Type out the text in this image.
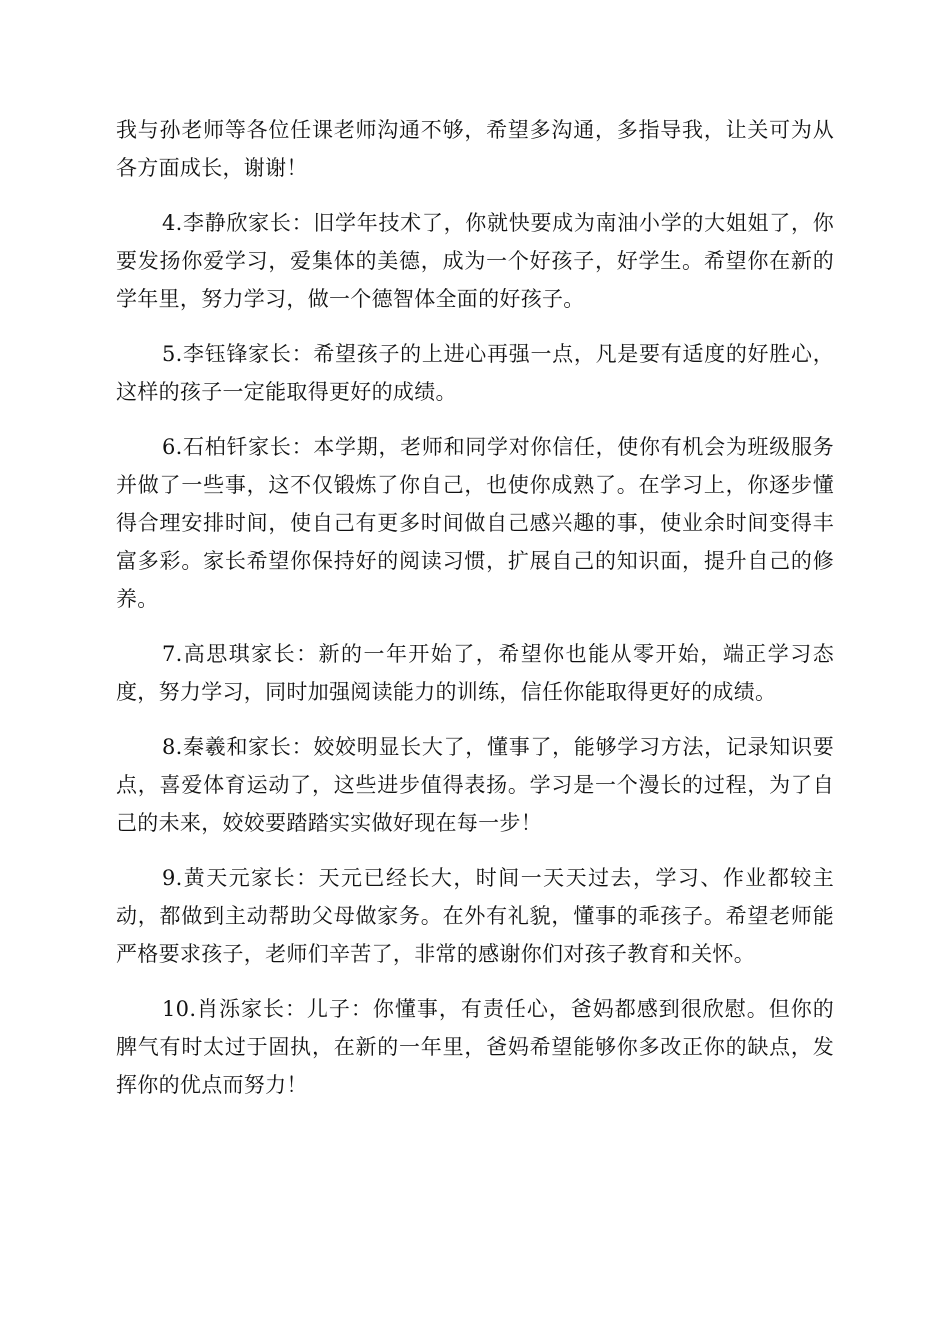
我与孙老师等各位任课老师沟通不够，希望多沟通，多指导我，让关可为从各方面成长，谢谢！

4.李静欣家长：旧学年技术了，你就快要成为南油小学的大姐姐了，你要发扬你爱学习，爱集体的美德，成为一个好孩子，好学生。希望你在新的学年里，努力学习，做一个德智体全面的好孩子。

5.李钰锋家长：希望孩子的上进心再强一点，凡是要有适度的好胜心，这样的孩子一定能取得更好的成绩。

6.石柏钎家长：本学期，老师和同学对你信任，使你有机会为班级服务并做了一些事，这不仅锻炼了你自己，也使你成熟了。在学习上，你逐步懂得合理安排时间，使自己有更多时间做自己感兴趣的事，使业余时间变得丰富多彩。家长希望你保持好的阅读习惯，扩展自己的知识面，提升自己的修养。

7.高思琪家长：新的一年开始了，希望你也能从零开始，端正学习态度，努力学习，同时加强阅读能力的训练，信任你能取得更好的成绩。

8.秦羲和家长：姣姣明显长大了，懂事了，能够学习方法，记录知识要点，喜爱体育运动了，这些进步值得表扬。学习是一个漫长的过程，为了自己的未来，姣姣要踏踏实实做好现在每一步！

9.黄天元家长：天元已经长大，时间一天天过去，学习、作业都较主动，都做到主动帮助父母做家务。在外有礼貌，懂事的乖孩子。希望老师能严格要求孩子，老师们辛苦了，非常的感谢你们对孩子教育和关怀。

10.肖泺家长：儿子：你懂事，有责任心，爸妈都感到很欣慰。但你的脾气有时太过于固执，在新的一年里，爸妈希望能够你多改正你的缺点，发挥你的优点而努力！
